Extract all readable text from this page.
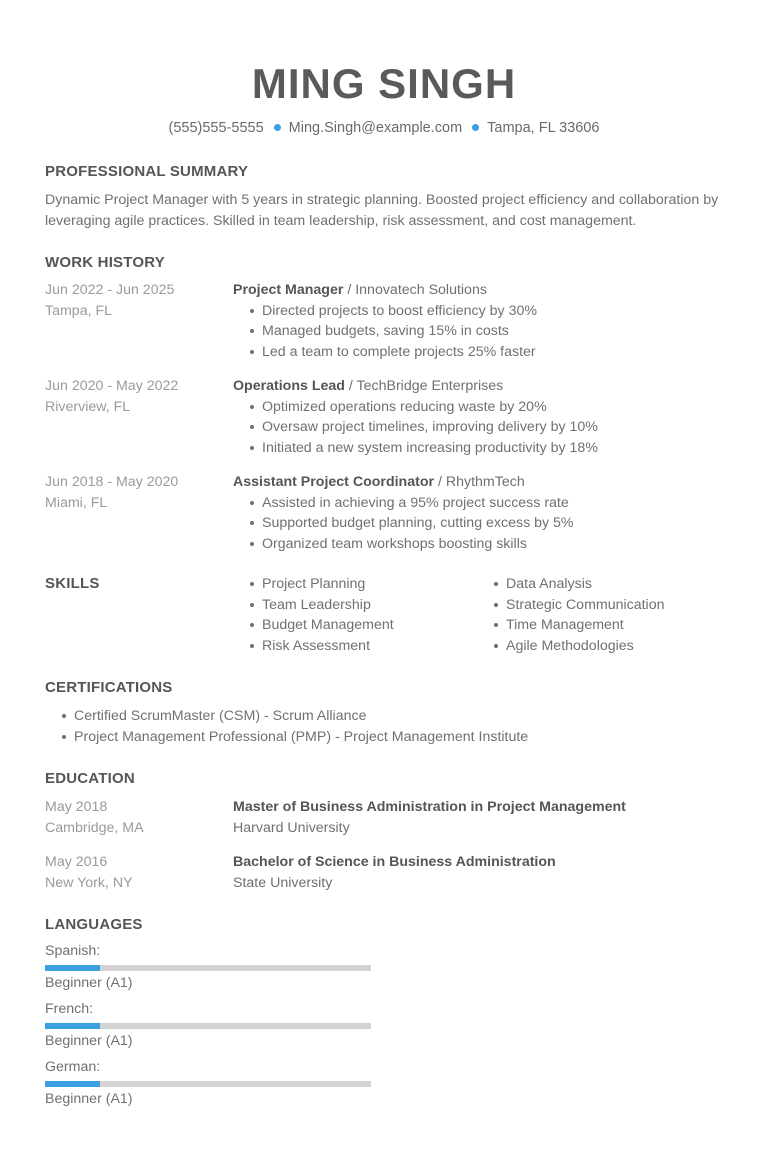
MING SINGH
(555)555-5555 Ming.Singh@example.com Tampa, FL 33606
PROFESSIONAL SUMMARY
Dynamic Project Manager with 5 years in strategic planning. Boosted project efficiency and collaboration by leveraging agile practices. Skilled in team leadership, risk assessment, and cost management.
WORK HISTORY
Jun 2022 - Jun 2025
Tampa, FL
Project Manager / Innovatech Solutions
Directed projects to boost efficiency by 30%
Managed budgets, saving 15% in costs
Led a team to complete projects 25% faster
Jun 2020 - May 2022
Riverview, FL
Operations Lead / TechBridge Enterprises
Optimized operations reducing waste by 20%
Oversaw project timelines, improving delivery by 10%
Initiated a new system increasing productivity by 18%
Jun 2018 - May 2020
Miami, FL
Assistant Project Coordinator / RhythmTech
Assisted in achieving a 95% project success rate
Supported budget planning, cutting excess by 5%
Organized team workshops boosting skills
SKILLS	Project Planning
Team Leadership
Budget Management
Risk Assessment
Data Analysis
Strategic Communication
Time Management
Agile Methodologies
CERTIFICATIONS
Certified ScrumMaster (CSM) - Scrum Alliance
Project Management Professional (PMP) - Project Management Institute
EDUCATION
May 2018
Cambridge, MA
Master of Business Administration in Project Management
Harvard University
May 2016
New York, NY
Bachelor of Science in Business Administration
State University
LANGUAGES
Spanish:
Beginner (A1)
French:
Beginner (A1)
German:
Beginner (A1)
